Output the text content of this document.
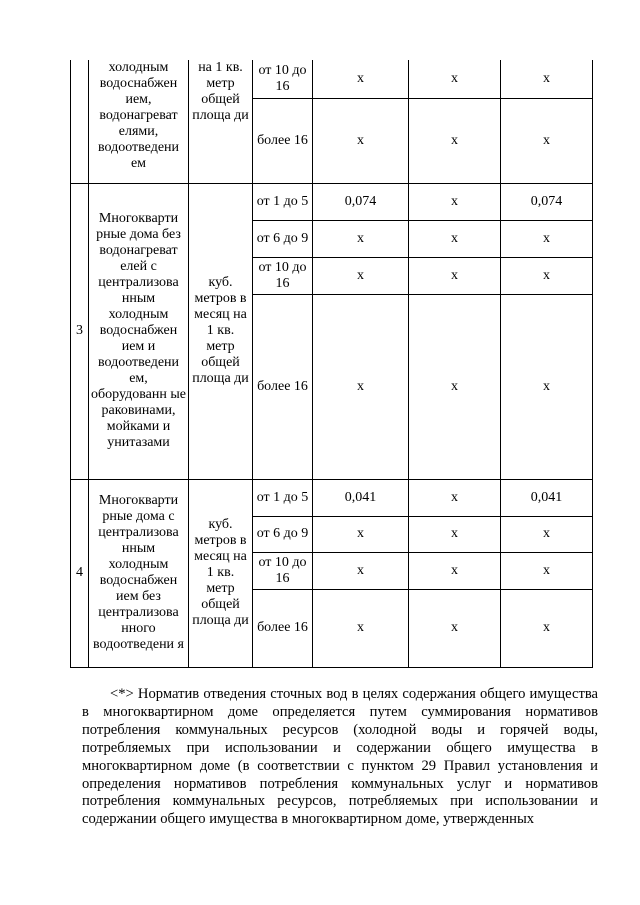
	холодным водоснабжен ием, водонагреват елями, водоотведени ем	на 1 кв. метр общей площа ди	от 10 до 16	х	х	х
			более 16	х	х	х
3	Многокварти рные дома без водонагреват елей с централизова нным холодным водоснабжен ием и водоотведени ем, оборудованн ые раковинами, мойками и унитазами	куб. метров в месяц на 1 кв. метр общей площа ди	от 1 до 5	0,074	х	0,074
			от 6 до 9	х	х	х
			от 10 до 16	х	х	х
			более 16	х	х	х
4	Многокварти рные дома с централизова нным холодным водоснабжен ием без централизова нного водоотведени я	куб. метров в месяц на 1 кв. метр общей площа ди	от 1 до 5	0,041	х	0,041
			от 6 до 9	х	х	х
			от 10 до 16	х	х	х
			более 16	х	х	х

<*> Норматив отведения сточных вод в целях содержания общего имущества в многоквартирном доме определяется путем суммирования нормативов потребления коммунальных ресурсов (холодной воды и горячей воды, потребляемых при использовании и содержании общего имущества в многоквартирном доме (в соответствии с пунктом 29 Правил установления и определения нормативов потребления коммунальных услуг и нормативов потребления коммунальных ресурсов, потребляемых при использовании и содержании общего имущества в многоквартирном доме, утвержденных
